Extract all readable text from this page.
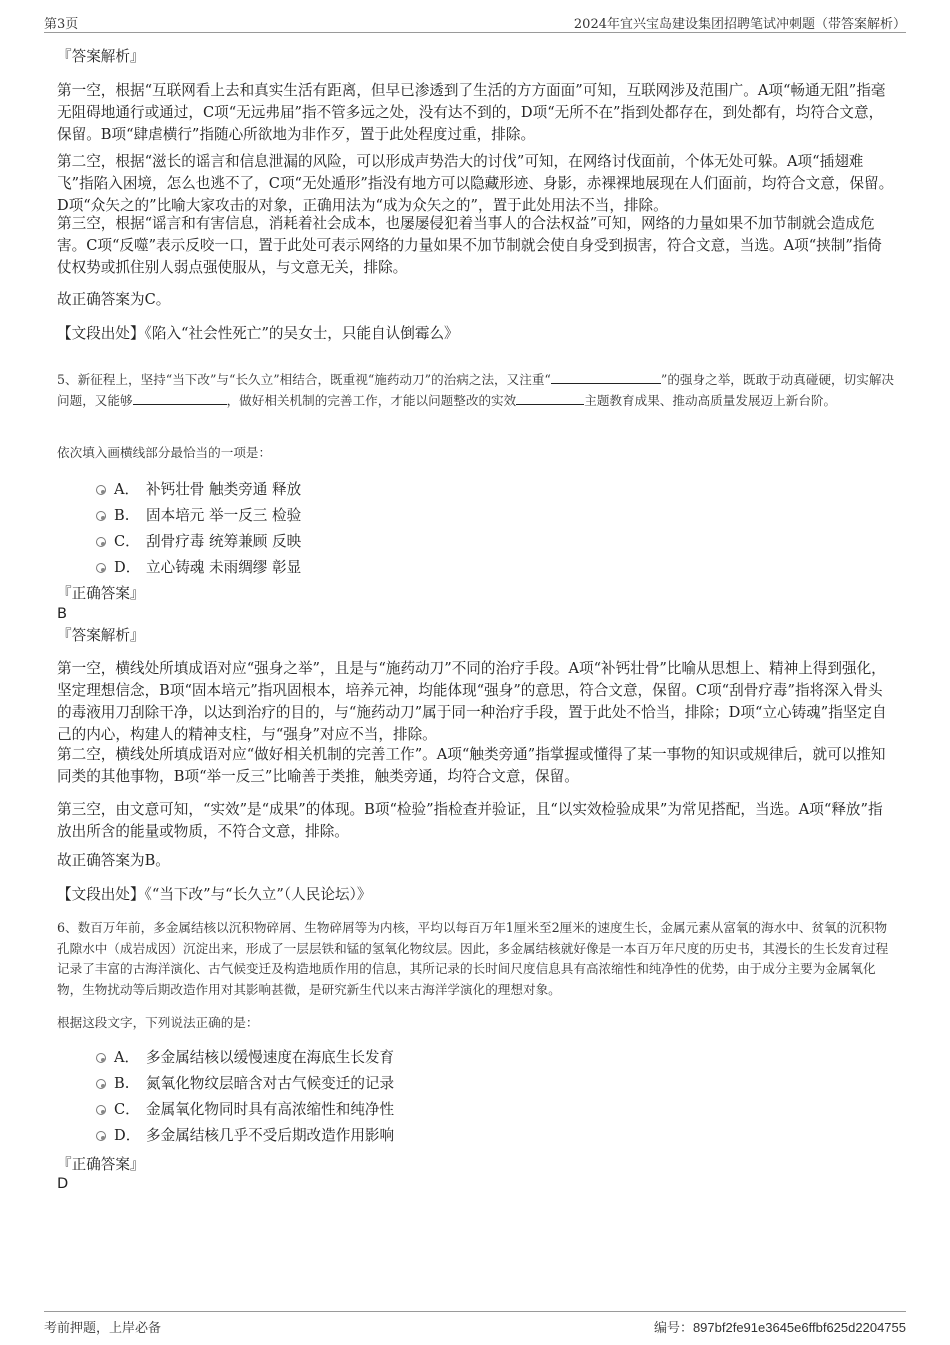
第3页	2024年宜兴宝岛建设集团招聘笔试冲刺题（带答案解析）
『答案解析』

第一空，根据“互联网看上去和真实生活有距离，但早已渗透到了生活的方方面面”可知，互联网涉及范围广。A项“畅通无阻”指毫无阻碍地通行或通过，C项“无远弗届”指不管多远之处，没有达不到的，D项“无所不在”指到处都存在，到处都有，均符合文意，保留。B项“肆虐横行”指随心所欲地为非作歹，置于此处程度过重，排除。

第二空，根据“滋长的谣言和信息泄漏的风险，可以形成声势浩大的讨伐”可知，在网络讨伐面前，个体无处可躲。A项“插翅难飞”指陷入困境，怎么也逃不了，C项“无处遁形”指没有地方可以隐藏形迹、身影，赤裸裸地展现在人们面前，均符合文意，保留。D项“众矢之的”比喻大家攻击的对象，正确用法为“成为众矢之的”，置于此处用法不当，排除。

第三空，根据“谣言和有害信息，消耗着社会成本，也屡屡侵犯着当事人的合法权益”可知，网络的力量如果不加节制就会造成危害。C项“反噬”表示反咬一口，置于此处可表示网络的力量如果不加节制就会使自身受到损害，符合文意，当选。A项“挟制”指倚仗权势或抓住别人弱点强使服从，与文意无关，排除。

故正确答案为C。

【文段出处】《陷入“社会性死亡”的吴女士，只能自认倒霉么》

5、新征程上，坚持“当下改”与“长久立”相结合，既重视“施药动刀”的治病之法，又注重“	”的强身之举，既敢于动真碰硬，切实解决问题，又能够	，做好相关机制的完善工作，才能以问题整改的实效	主题教育成果、推动高质量发展迈上新台阶。

依次填入画横线部分最恰当的一项是：

A． 补钙壮骨 触类旁通 释放
B. 固本培元 举一反三 检验
C． 刮骨疗毒 统筹兼顾 反映
D． 立心铸魂 未雨绸缪 彰显
『正确答案』
B
『答案解析』

第一空，横线处所填成语对应“强身之举”，且是与“施药动刀”不同的治疗手段。A项“补钙壮骨”比喻从思想上、精神上得到强化，坚定理想信念，B项“固本培元”指巩固根本，培养元神，均能体现“强身”的意思，符合文意，保留。C项“刮骨疗毒”指将深入骨头的毒液用刀刮除干净，以达到治疗的目的，与“施药动刀”属于同一种治疗手段，置于此处不恰当，排除；D项“立心铸魂”指坚定自己的内心，构建人的精神支柱，与“强身”对应不当，排除。

第二空，横线处所填成语对应“做好相关机制的完善工作”。A项“触类旁通”指掌握或懂得了某一事物的知识或规律后，就可以推知同类的其他事物，B项“举一反三”比喻善于类推，触类旁通，均符合文意，保留。

第三空，由文意可知，“实效”是“成果”的体现。B项“检验”指检查并验证，且“以实效检验成果”为常见搭配，当选。A项“释放”指放出所含的能量或物质，不符合文意，排除。

故正确答案为B。

【文段出处】《“当下改”与“长久立”（人民论坛）》

6、数百万年前，多金属结核以沉积物碎屑、生物碎屑等为内核，平均以每百万年1厘米至2厘米的速度生长，金属元素从富氧的海水中、贫氧的沉积物孔隙水中（成岩成因）沉淀出来，形成了一层层铁和锰的氢氧化物纹层。因此，多金属结核就好像是一本百万年尺度的历史书，其漫长的生长发育过程记录了丰富的古海洋演化、古气候变迁及构造地质作用的信息，其所记录的长时间尺度信息具有高浓缩性和纯净性的优势，由于成分主要为金属氧化物，生物扰动等后期改造作用对其影响甚微，是研究新生代以来古海洋学演化的理想对象。

根据这段文字，下列说法正确的是：

A． 多金属结核以缓慢速度在海底生长发育
B. 氮氧化物纹层暗含对古气候变迁的记录
C． 金属氧化物同时具有高浓缩性和纯净性
D． 多金属结核几乎不受后期改造作用影响
『正确答案』
D
考前押题，上岸必备	编号：897bf2fe91e3645e6ffbf625d2204755
